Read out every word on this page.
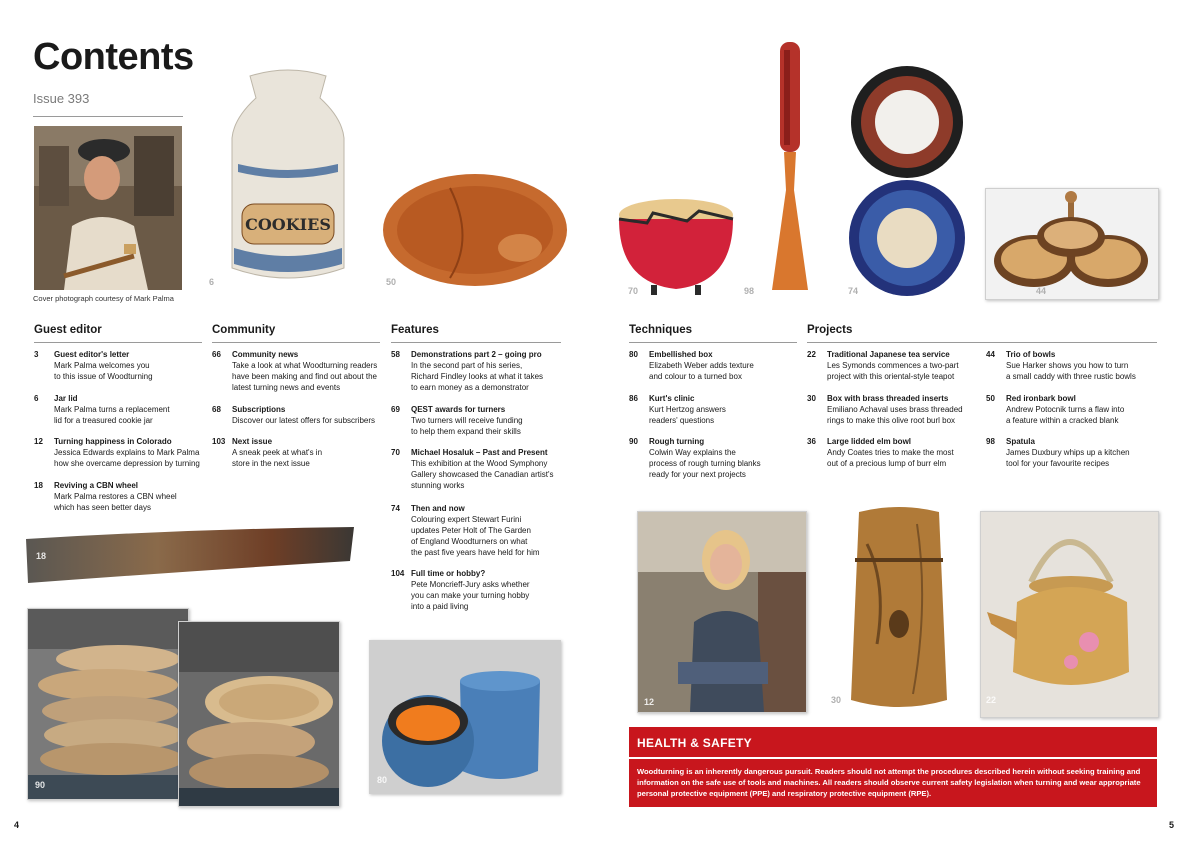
Contents
Issue 393
Cover photograph courtesy of Mark Palma
COOKIES
6	50
70	98	74	44
Guest editor	Community	Features	Techniques	Projects
3 Guest editor's letter
Mark Palma welcomes you
to this issue of Woodturning
6 Jar lid
Mark Palma turns a replacement
lid for a treasured cookie jar
12 Turning happiness in Colorado
Jessica Edwards explains to Mark Palma
how she overcame depression by turning
18 Reviving a CBN wheel
Mark Palma restores a CBN wheel
which has seen better days
66 Community news
Take a look at what Woodturning readers
have been making and find out about the
latest turning news and events
68 Subscriptions
Discover our latest offers for subscribers
103 Next issue
A sneak peek at what's in
store in the next issue
58 Demonstrations part 2 – going pro
In the second part of his series,
Richard Findley looks at what it takes
to earn money as a demonstrator
69 QEST awards for turners
Two turners will receive funding
to help them expand their skills
70 Michael Hosaluk – Past and Present
This exhibition at the Wood Symphony
Gallery showcased the Canadian artist's
stunning works
74 Then and now
Colouring expert Stewart Furini
updates Peter Holt of The Garden
of England Woodturners on what
the past five years have held for him
104 Full time or hobby?
Pete Moncrieff-Jury asks whether
you can make your turning hobby
into a paid living
80 Embellished box
Elizabeth Weber adds texture
and colour to a turned box
86 Kurt's clinic
Kurt Hertzog answers
readers' questions
90 Rough turning
Colwin Way explains the
process of rough turning blanks
ready for your next projects
22 Traditional Japanese tea service
Les Symonds commences a two-part
project with this oriental-style teapot
30 Box with brass threaded inserts
Emiliano Achaval uses brass threaded
rings to make this olive root burl box
36 Large lidded elm bowl
Andy Coates tries to make the most
out of a precious lump of burr elm
44 Trio of bowls
Sue Harker shows you how to turn
a small caddy with three rustic bowls
50 Red ironbark bowl
Andrew Potocnik turns a flaw into
a feature within a cracked blank
98 Spatula
James Duxbury whips up a kitchen
tool for your favourite recipes
18
90	80
12	30	22
HEALTH & SAFETY
Woodturning is an inherently dangerous pursuit. Readers should not attempt the procedures described herein without seeking training and information on the safe use of tools and machines. All readers should observe current safety legislation when turning and wear appropriate personal protective equipment (PPE) and respiratory protective equipment (RPE).
4	5
